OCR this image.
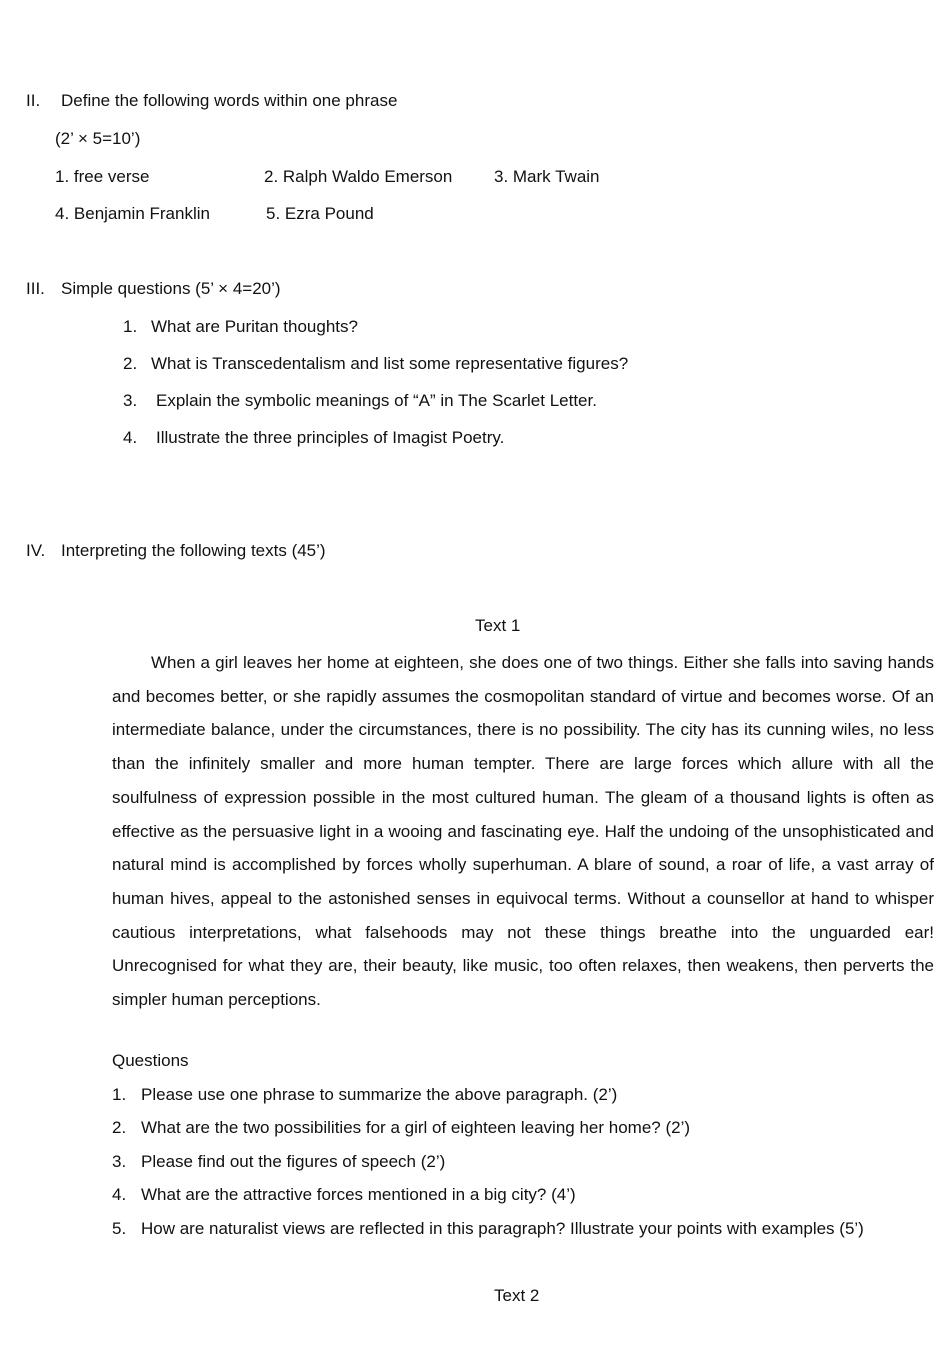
II. Define the following words within one phrase
(2’ × 5=10’)
1. free verse	2. Ralph Waldo Emerson 3. Mark Twain
4. Benjamin Franklin	5. Ezra Pound
III. Simple questions (5’ × 4=20’)
1. What are Puritan thoughts?
2. What is Transcedentalism and list some representative figures?
3. Explain the symbolic meanings of “A” in The Scarlet Letter.
4. Illustrate the three principles of Imagist Poetry.
IV. Interpreting the following texts (45’)
Text 1
When a girl leaves her home at eighteen, she does one of two things. Either she falls into saving hands and becomes better, or she rapidly assumes the cosmopolitan standard of virtue and becomes worse. Of an intermediate balance, under the circumstances, there is no possibility. The city has its cunning wiles, no less than the infinitely smaller and more human tempter. There are large forces which allure with all the soulfulness of expression possible in the most cultured human. The gleam of a thousand lights is often as effective as the persuasive light in a wooing and fascinating eye. Half the undoing of the unsophisticated and natural mind is accomplished by forces wholly superhuman. A blare of sound, a roar of life, a vast array of human hives, appeal to the astonished senses in equivocal terms. Without a counsellor at hand to whisper cautious interpretations, what falsehoods may not these things breathe into the unguarded ear! Unrecognised for what they are, their beauty, like music, too often relaxes, then weakens, then perverts the simpler human perceptions.
Questions
1. Please use one phrase to summarize the above paragraph. (2’)
2. What are the two possibilities for a girl of eighteen leaving her home? (2’)
3. Please find out the figures of speech (2’)
4. What are the attractive forces mentioned in a big city? (4’)
5. How are naturalist views are reflected in this paragraph? Illustrate your points with examples (5’)
Text 2
